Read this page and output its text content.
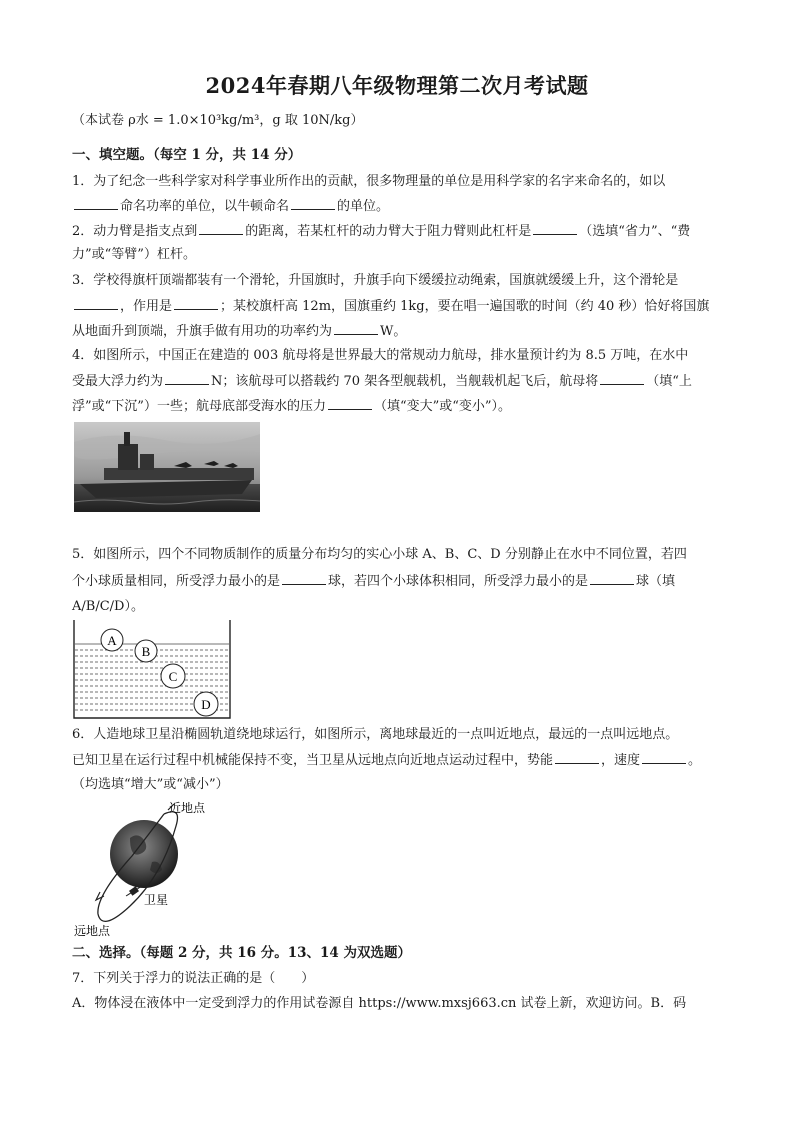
2024年春期八年级物理第二次月考试题
（本试卷 ρ水 = 1.0×10³kg/m³，g 取 10N/kg）
一、填空题。（每空 1 分，共 14 分）
1．为了纪念一些科学家对科学事业所作出的贡献，很多物理量的单位是用科学家的名字来命名的，如以
命名功率的单位，以牛顿命名	的单位。
2．动力臂是指支点到	的距离，若某杠杆的动力臂大于阻力臂则此杠杆是	（选填“省力”、“费
力”或“等臂”）杠杆。
3．学校得旗杆顶端都装有一个滑轮，升国旗时，升旗手向下缓缓拉动绳索，国旗就缓缓上升，这个滑轮是
，作用是	；某校旗杆高 12m，国旗重约 1kg，要在唱一遍国歌的时间（约 40 秒）恰好将国旗
从地面升到顶端，升旗手做有用功的功率约为	W。
4．如图所示，中国正在建造的 003 航母将是世界最大的常规动力航母，排水量预计约为 8.5 万吨，在水中
受最大浮力约为	N；该航母可以搭载约 70 架各型舰载机，当舰载机起飞后，航母将	（填“上
浮”或“下沉”）一些；航母底部受海水的压力	（填“变大”或“变小”）。
5．如图所示，四个不同物质制作的质量分布均匀的实心小球 A、B、C、D 分别静止在水中不同位置，若四
个小球质量相同，所受浮力最小的是	球，若四个小球体积相同，所受浮力最小的是	球（填
A/B/C/D）。
A
B
C
D
6．人造地球卫星沿椭圆轨道绕地球运行，如图所示，离地球最近的一点叫近地点，最远的一点叫远地点。
已知卫星在运行过程中机械能保持不变，当卫星从远地点向近地点运动过程中，势能	，速度	。
（均选填“增大”或“减小”）
近地点
卫星
远地点
二、选择。（每题 2 分，共 16 分。13、14 为双选题）
7．下列关于浮力的说法正确的是（　　）
A．物体浸在液体中一定受到浮力的作用试卷源自 https://www.mxsj663.cn 试卷上新，欢迎访问。B．码
